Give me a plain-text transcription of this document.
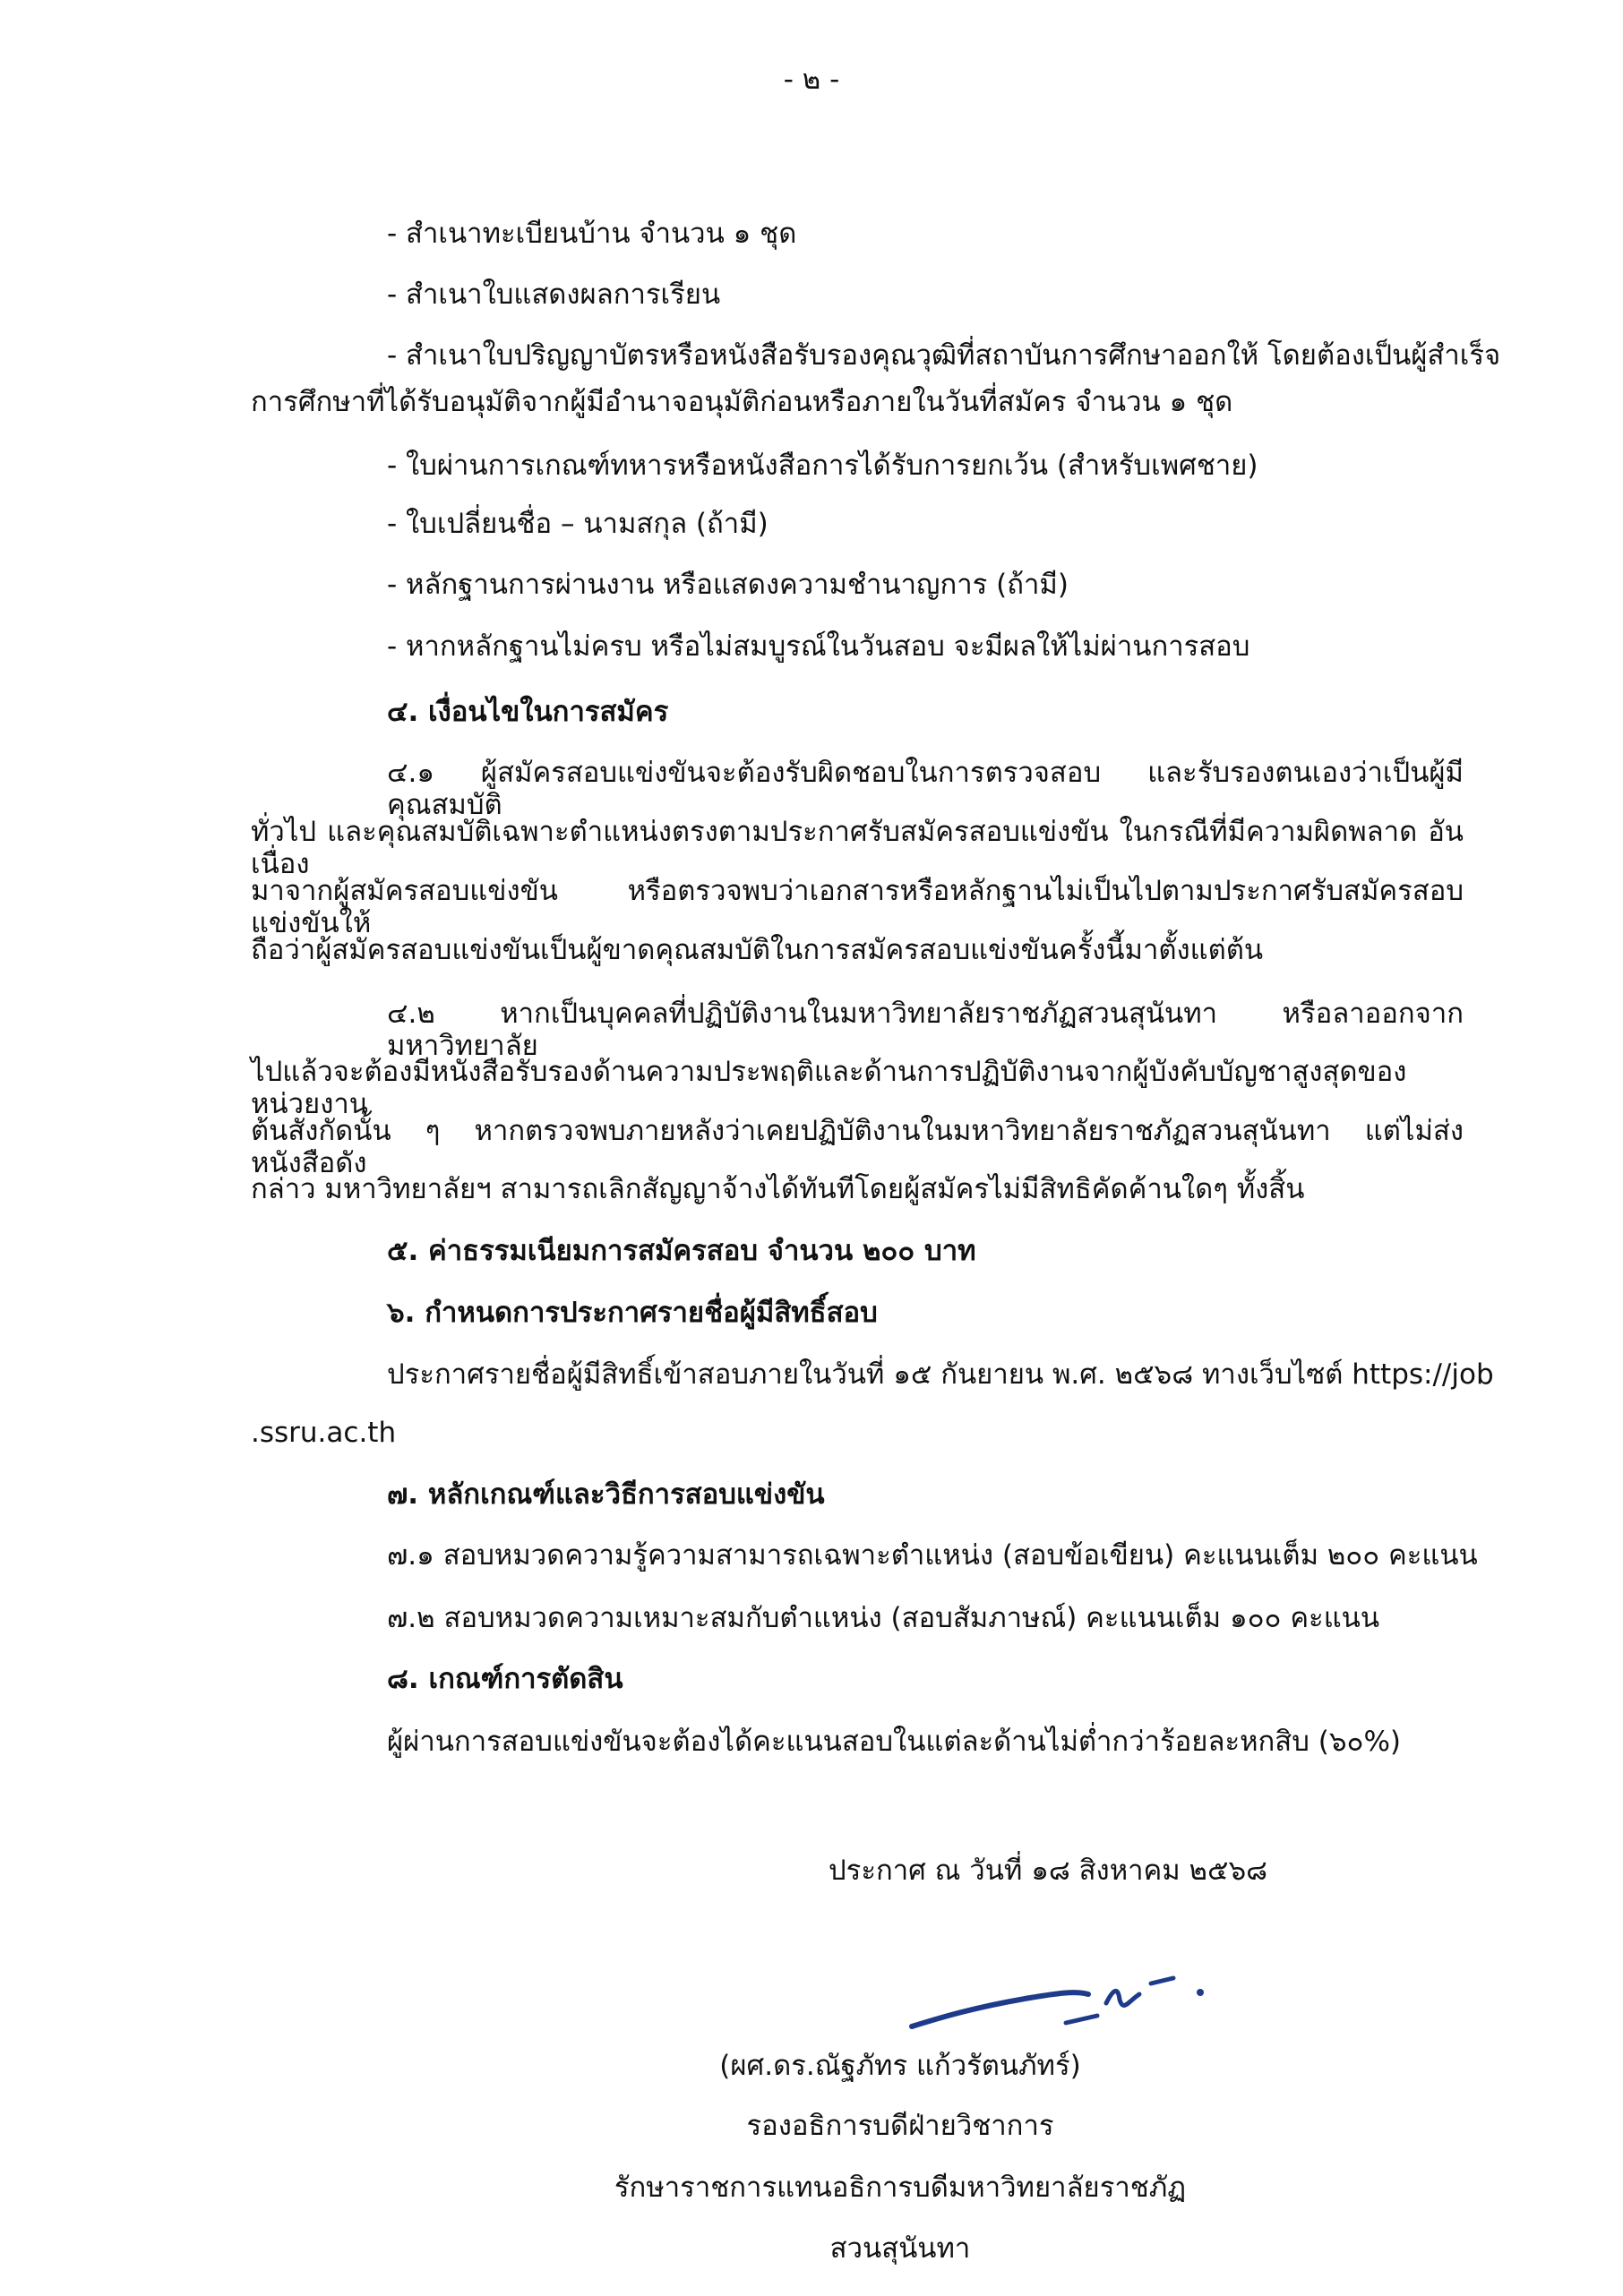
- ๒ -
- สำเนาทะเบียนบ้าน จำนวน ๑ ชุด
- สำเนาใบแสดงผลการเรียน
- สำเนาใบปริญญาบัตรหรือหนังสือรับรองคุณวุฒิที่สถาบันการศึกษาออกให้ โดยต้องเป็นผู้สำเร็จ
การศึกษาที่ได้รับอนุมัติจากผู้มีอำนาจอนุมัติก่อนหรือภายในวันที่สมัคร จำนวน ๑ ชุด
- ใบผ่านการเกณฑ์ทหารหรือหนังสือการได้รับการยกเว้น (สำหรับเพศชาย)
- ใบเปลี่ยนชื่อ – นามสกุล (ถ้ามี)
- หลักฐานการผ่านงาน หรือแสดงความชำนาญการ (ถ้ามี)
- หากหลักฐานไม่ครบ หรือไม่สมบูรณ์ในวันสอบ จะมีผลให้ไม่ผ่านการสอบ
๔. เงื่อนไขในการสมัคร
๔.๑ ผู้สมัครสอบแข่งขันจะต้องรับผิดชอบในการตรวจสอบ และรับรองตนเองว่าเป็นผู้มีคุณสมบัติ
ทั่วไป และคุณสมบัติเฉพาะตำแหน่งตรงตามประกาศรับสมัครสอบแข่งขัน ในกรณีที่มีความผิดพลาด อันเนื่อง
มาจากผู้สมัครสอบแข่งขัน หรือตรวจพบว่าเอกสารหรือหลักฐานไม่เป็นไปตามประกาศรับสมัครสอบแข่งขันให้
ถือว่าผู้สมัครสอบแข่งขันเป็นผู้ขาดคุณสมบัติในการสมัครสอบแข่งขันครั้งนี้มาตั้งแต่ต้น
๔.๒ หากเป็นบุคคลที่ปฏิบัติงานในมหาวิทยาลัยราชภัฏสวนสุนันทา หรือลาออกจากมหาวิทยาลัย
ไปแล้วจะต้องมีหนังสือรับรองด้านความประพฤติและด้านการปฏิบัติงานจากผู้บังคับบัญชาสูงสุดของหน่วยงาน
ต้นสังกัดนั้น ๆ หากตรวจพบภายหลังว่าเคยปฏิบัติงานในมหาวิทยาลัยราชภัฏสวนสุนันทา แต่ไม่ส่งหนังสือดัง
กล่าว มหาวิทยาลัยฯ สามารถเลิกสัญญาจ้างได้ทันทีโดยผู้สมัครไม่มีสิทธิคัดค้านใดๆ ทั้งสิ้น
๕. ค่าธรรมเนียมการสมัครสอบ จำนวน ๒๐๐ บาท
๖. กำหนดการประกาศรายชื่อผู้มีสิทธิ์สอบ
ประกาศรายชื่อผู้มีสิทธิ์เข้าสอบภายในวันที่ ๑๕ กันยายน พ.ศ. ๒๕๖๘ ทางเว็บไซต์ https://job
.ssru.ac.th
๗. หลักเกณฑ์และวิธีการสอบแข่งขัน
๗.๑ สอบหมวดความรู้ความสามารถเฉพาะตำแหน่ง (สอบข้อเขียน) คะแนนเต็ม ๒๐๐ คะแนน
๗.๒ สอบหมวดความเหมาะสมกับตำแหน่ง (สอบสัมภาษณ์) คะแนนเต็ม ๑๐๐ คะแนน
๘. เกณฑ์การตัดสิน
ผู้ผ่านการสอบแข่งขันจะต้องได้คะแนนสอบในแต่ละด้านไม่ต่ำกว่าร้อยละหกสิบ (๖๐%)
ประกาศ ณ วันที่ ๑๘ สิงหาคม ๒๕๖๘
(ผศ.ดร.ณัฐภัทร แก้วรัตนภัทร์)
รองอธิการบดีฝ่ายวิชาการ
รักษาราชการแทนอธิการบดีมหาวิทยาลัยราชภัฏ
สวนสุนันทา
